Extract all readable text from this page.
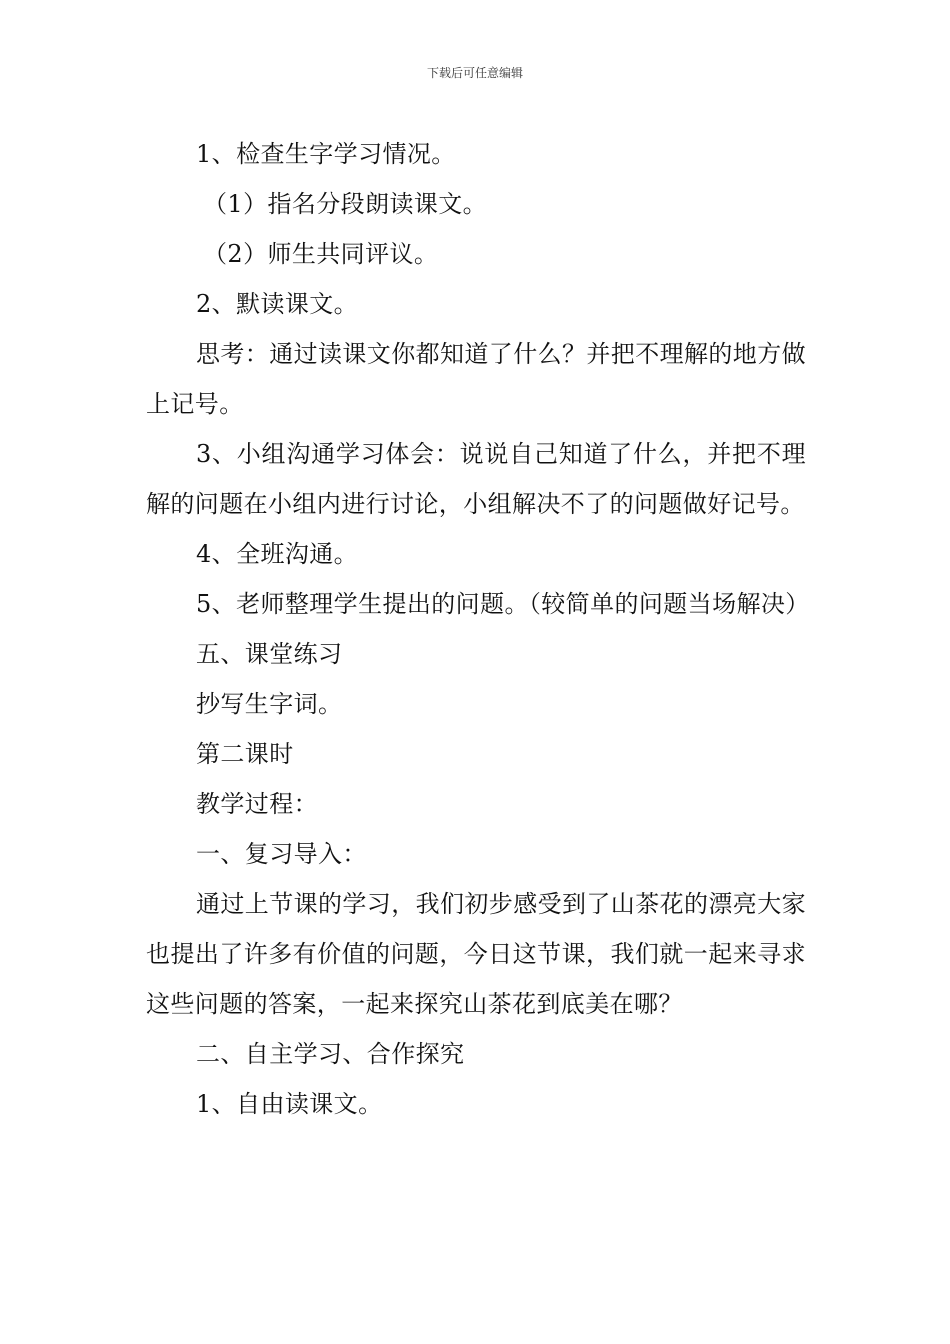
下载后可任意编辑

1、检查生字学习情况。

（1）指名分段朗读课文。

（2）师生共同评议。

2、默读课文。

思考：通过读课文你都知道了什么？并把不理解的地方做上记号。

3、小组沟通学习体会：说说自己知道了什么，并把不理解的问题在小组内进行讨论，小组解决不了的问题做好记号。

4、全班沟通。

5、老师整理学生提出的问题。（较简单的问题当场解决）

五、课堂练习

抄写生字词。

第二课时

教学过程：

一、复习导入：

通过上节课的学习，我们初步感受到了山茶花的漂亮大家也提出了许多有价值的问题，今日这节课，我们就一起来寻求这些问题的答案，一起来探究山茶花到底美在哪？

二、自主学习、合作探究

1、自由读课文。
